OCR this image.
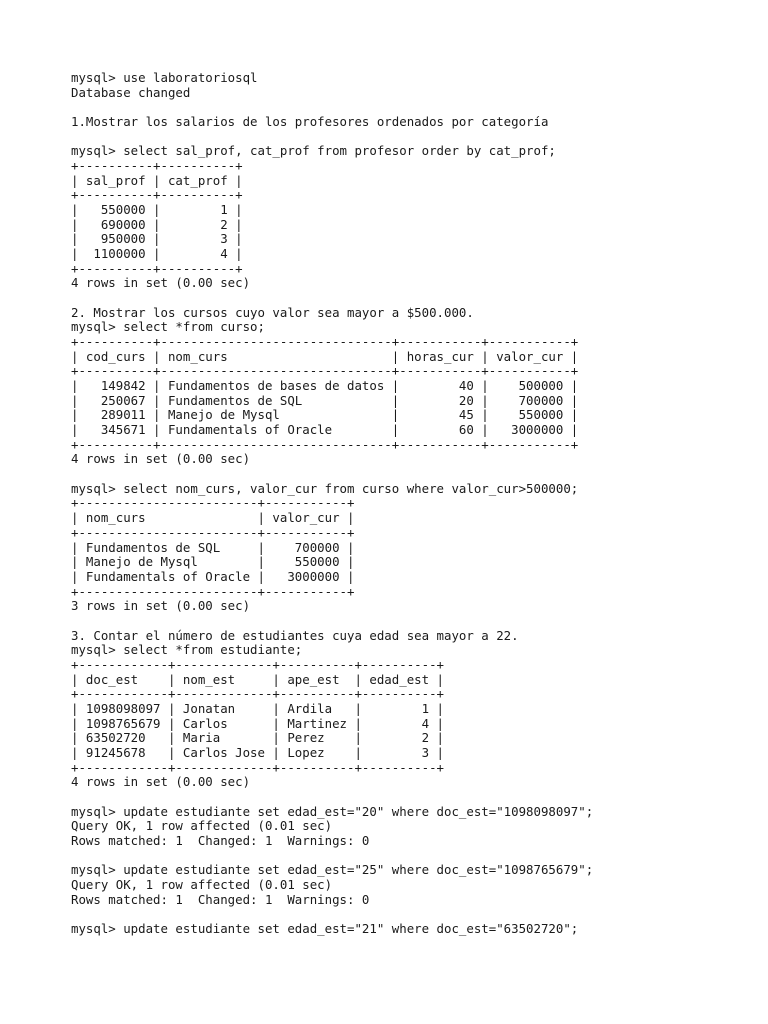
mysql> use laboratoriosql
Database changed
1.Mostrar los salarios de los profesores ordenados por categoría
mysql> select sal_prof, cat_prof from profesor order by cat_prof;
+----------+----------+
| sal_prof | cat_prof |
+----------+----------+
|   550000 |        1 |
|   690000 |        2 |
|   950000 |        3 |
|  1100000 |        4 |
+----------+----------+
4 rows in set (0.00 sec)
2. Mostrar los cursos cuyo valor sea mayor a $500.000.
mysql> select *from curso;
+----------+-------------------------------+-----------+-----------+
| cod_curs | nom_curs                      | horas_cur | valor_cur |
+----------+-------------------------------+-----------+-----------+
|   149842 | Fundamentos de bases de datos |        40 |    500000 |
|   250067 | Fundamentos de SQL            |        20 |    700000 |
|   289011 | Manejo de Mysql               |        45 |    550000 |
|   345671 | Fundamentals of Oracle        |        60 |   3000000 |
+----------+-------------------------------+-----------+-----------+
4 rows in set (0.00 sec)
mysql> select nom_curs, valor_cur from curso where valor_cur>500000;
+------------------------+-----------+
| nom_curs               | valor_cur |
+------------------------+-----------+
| Fundamentos de SQL     |    700000 |
| Manejo de Mysql        |    550000 |
| Fundamentals of Oracle |   3000000 |
+------------------------+-----------+
3 rows in set (0.00 sec)
3. Contar el número de estudiantes cuya edad sea mayor a 22.
mysql> select *from estudiante;
+------------+-------------+----------+----------+
| doc_est    | nom_est     | ape_est  | edad_est |
+------------+-------------+----------+----------+
| 1098098097 | Jonatan     | Ardila   |        1 |
| 1098765679 | Carlos      | Martinez |        4 |
| 63502720   | Maria       | Perez    |        2 |
| 91245678   | Carlos Jose | Lopez    |        3 |
+------------+-------------+----------+----------+
4 rows in set (0.00 sec)
mysql> update estudiante set edad_est="20" where doc_est="1098098097";
Query OK, 1 row affected (0.01 sec)
Rows matched: 1  Changed: 1  Warnings: 0
mysql> update estudiante set edad_est="25" where doc_est="1098765679";
Query OK, 1 row affected (0.01 sec)
Rows matched: 1  Changed: 1  Warnings: 0
mysql> update estudiante set edad_est="21" where doc_est="63502720";
